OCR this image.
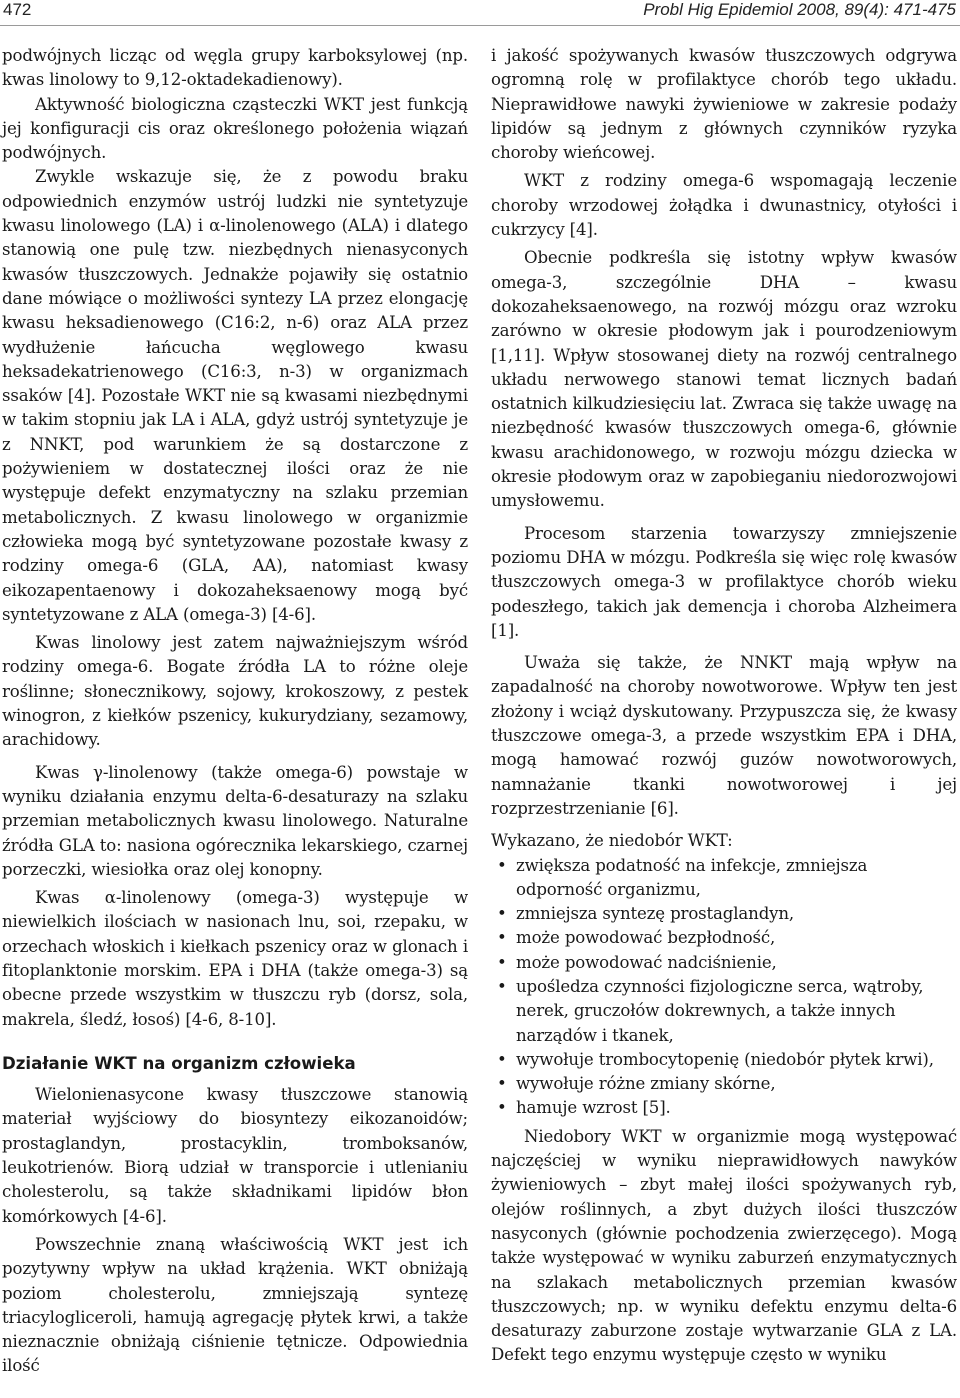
472	Probl Hig Epidemiol 2008, 89(4): 471-475

podwójnych licząc od węgla grupy karboksylowej (np. kwas linolowy to 9,12-oktadekadienowy).

Aktywność biologiczna cząsteczki WKT jest funkcją jej konfiguracji cis oraz określonego położenia wiązań podwójnych.

Zwykle wskazuje się, że z powodu braku odpowiednich enzymów ustrój ludzki nie syntetyzuje kwasu linolowego (LA) i α-linolenowego (ALA) i dlatego stanowią one pulę tzw. niezbędnych nienasyconych kwasów tłuszczowych. Jednakże pojawiły się ostatnio dane mówiące o możliwości syntezy LA przez elongację kwasu heksadienowego (C16:2, n-6) oraz ALA przez wydłużenie łańcucha węglowego kwasu heksadekatrienowego (C16:3, n-3) w organizmach ssaków [4]. Pozostałe WKT nie są kwasami niezbędnymi w takim stopniu jak LA i ALA, gdyż ustrój syntetyzuje je z NNKT, pod warunkiem że są dostarczone z pożywieniem w dostatecznej ilości oraz że nie występuje defekt enzymatyczny na szlaku przemian metabolicznych. Z kwasu linolowego w organizmie człowieka mogą być syntetyzowane pozostałe kwasy z rodziny omega-6 (GLA, AA), natomiast kwasy eikozapentaenowy i dokozaheksaenowy mogą być syntetyzowane z ALA (omega-3) [4-6].

Kwas linolowy jest zatem najważniejszym wśród rodziny omega-6. Bogate źródła LA to różne oleje roślinne; słonecznikowy, sojowy, krokoszowy, z pestek winogron, z kiełków pszenicy, kukurydziany, sezamowy, arachidowy.

Kwas γ-linolenowy (także omega-6) powstaje w wyniku działania enzymu delta-6-desaturazy na szlaku przemian metabolicznych kwasu linolowego. Naturalne źródła GLA to: nasiona ogórecznika lekarskiego, czarnej porzeczki, wiesiołka oraz olej konopny.

Kwas α-linolenowy (omega-3) występuje w niewielkich ilościach w nasionach lnu, soi, rzepaku, w orzechach włoskich i kiełkach pszenicy oraz w glonach i fitoplanktonie morskim. EPA i DHA (także omega-3) są obecne przede wszystkim w tłuszczu ryb (dorsz, sola, makrela, śledź, łosoś) [4-6, 8-10].

Działanie WKT na organizm człowieka

Wielonienasycone kwasy tłuszczowe stanowią materiał wyjściowy do biosyntezy eikozanoidów; prostaglandyn, prostacyklin, tromboksanów, leukotrienów. Biorą udział w transporcie i utlenianiu cholesterolu, są także składnikami lipidów błon komórkowych [4-6].

Powszechnie znaną właściwością WKT jest ich pozytywny wpływ na układ krążenia. WKT obniżają poziom cholesterolu, zmniejszają syntezę triacylogliceroli, hamują agregację płytek krwi, a także nieznacznie obniżają ciśnienie tętnicze. Odpowiednia ilość

i jakość spożywanych kwasów tłuszczowych odgrywa ogromną rolę w profilaktyce chorób tego układu. Nieprawidłowe nawyki żywieniowe w zakresie podaży lipidów są jednym z głównych czynników ryzyka choroby wieńcowej.

WKT z rodziny omega-6 wspomagają leczenie choroby wrzodowej żołądka i dwunastnicy, otyłości i cukrzycy [4].

Obecnie podkreśla się istotny wpływ kwasów omega-3, szczególnie DHA – kwasu dokozaheksaenowego, na rozwój mózgu oraz wzroku zarówno w okresie płodowym jak i pourodzeniowym [1,11]. Wpływ stosowanej diety na rozwój centralnego układu nerwowego stanowi temat licznych badań ostatnich kilkudziesięciu lat. Zwraca się także uwagę na niezbędność kwasów tłuszczowych omega-6, głównie kwasu arachidonowego, w rozwoju mózgu dziecka w okresie płodowym oraz w zapobieganiu niedorozwojowi umysłowemu.

Procesom starzenia towarzyszy zmniejszenie poziomu DHA w mózgu. Podkreśla się więc rolę kwasów tłuszczowych omega-3 w profilaktyce chorób wieku podeszłego, takich jak demencja i choroba Alzheimera [1].

Uważa się także, że NNKT mają wpływ na zapadalność na choroby nowotworowe. Wpływ ten jest złożony i wciąż dyskutowany. Przypuszcza się, że kwasy tłuszczowe omega-3, a przede wszystkim EPA i DHA, mogą hamować rozwój guzów nowotworowych, namnażanie tkanki nowotworowej i jej rozprzestrzenianie [6].

Wykazano, że niedobór WKT:

• zwiększa podatność na infekcje, zmniejsza odporność organizmu,
• zmniejsza syntezę prostaglandyn,
• może powodować bezpłodność,
• może powodować nadciśnienie,
• upośledza czynności fizjologiczne serca, wątroby, nerek, gruczołów dokrewnych, a także innych narządów i tkanek,
• wywołuje trombocytopenię (niedobór płytek krwi),
• wywołuje różne zmiany skórne,
• hamuje wzrost [5].

Niedobory WKT w organizmie mogą występować najczęściej w wyniku nieprawidłowych nawyków żywieniowych – zbyt małej ilości spożywanych ryb, olejów roślinnych, a zbyt dużych ilości tłuszczów nasyconych (głównie pochodzenia zwierzęcego). Mogą także występować w wyniku zaburzeń enzymatycznych na szlakach metabolicznych przemian kwasów tłuszczowych; np. w wyniku defektu enzymu delta-6 desaturazy zaburzone zostaje wytwarzanie GLA z LA. Defekt tego enzymu występuje często w wyniku
